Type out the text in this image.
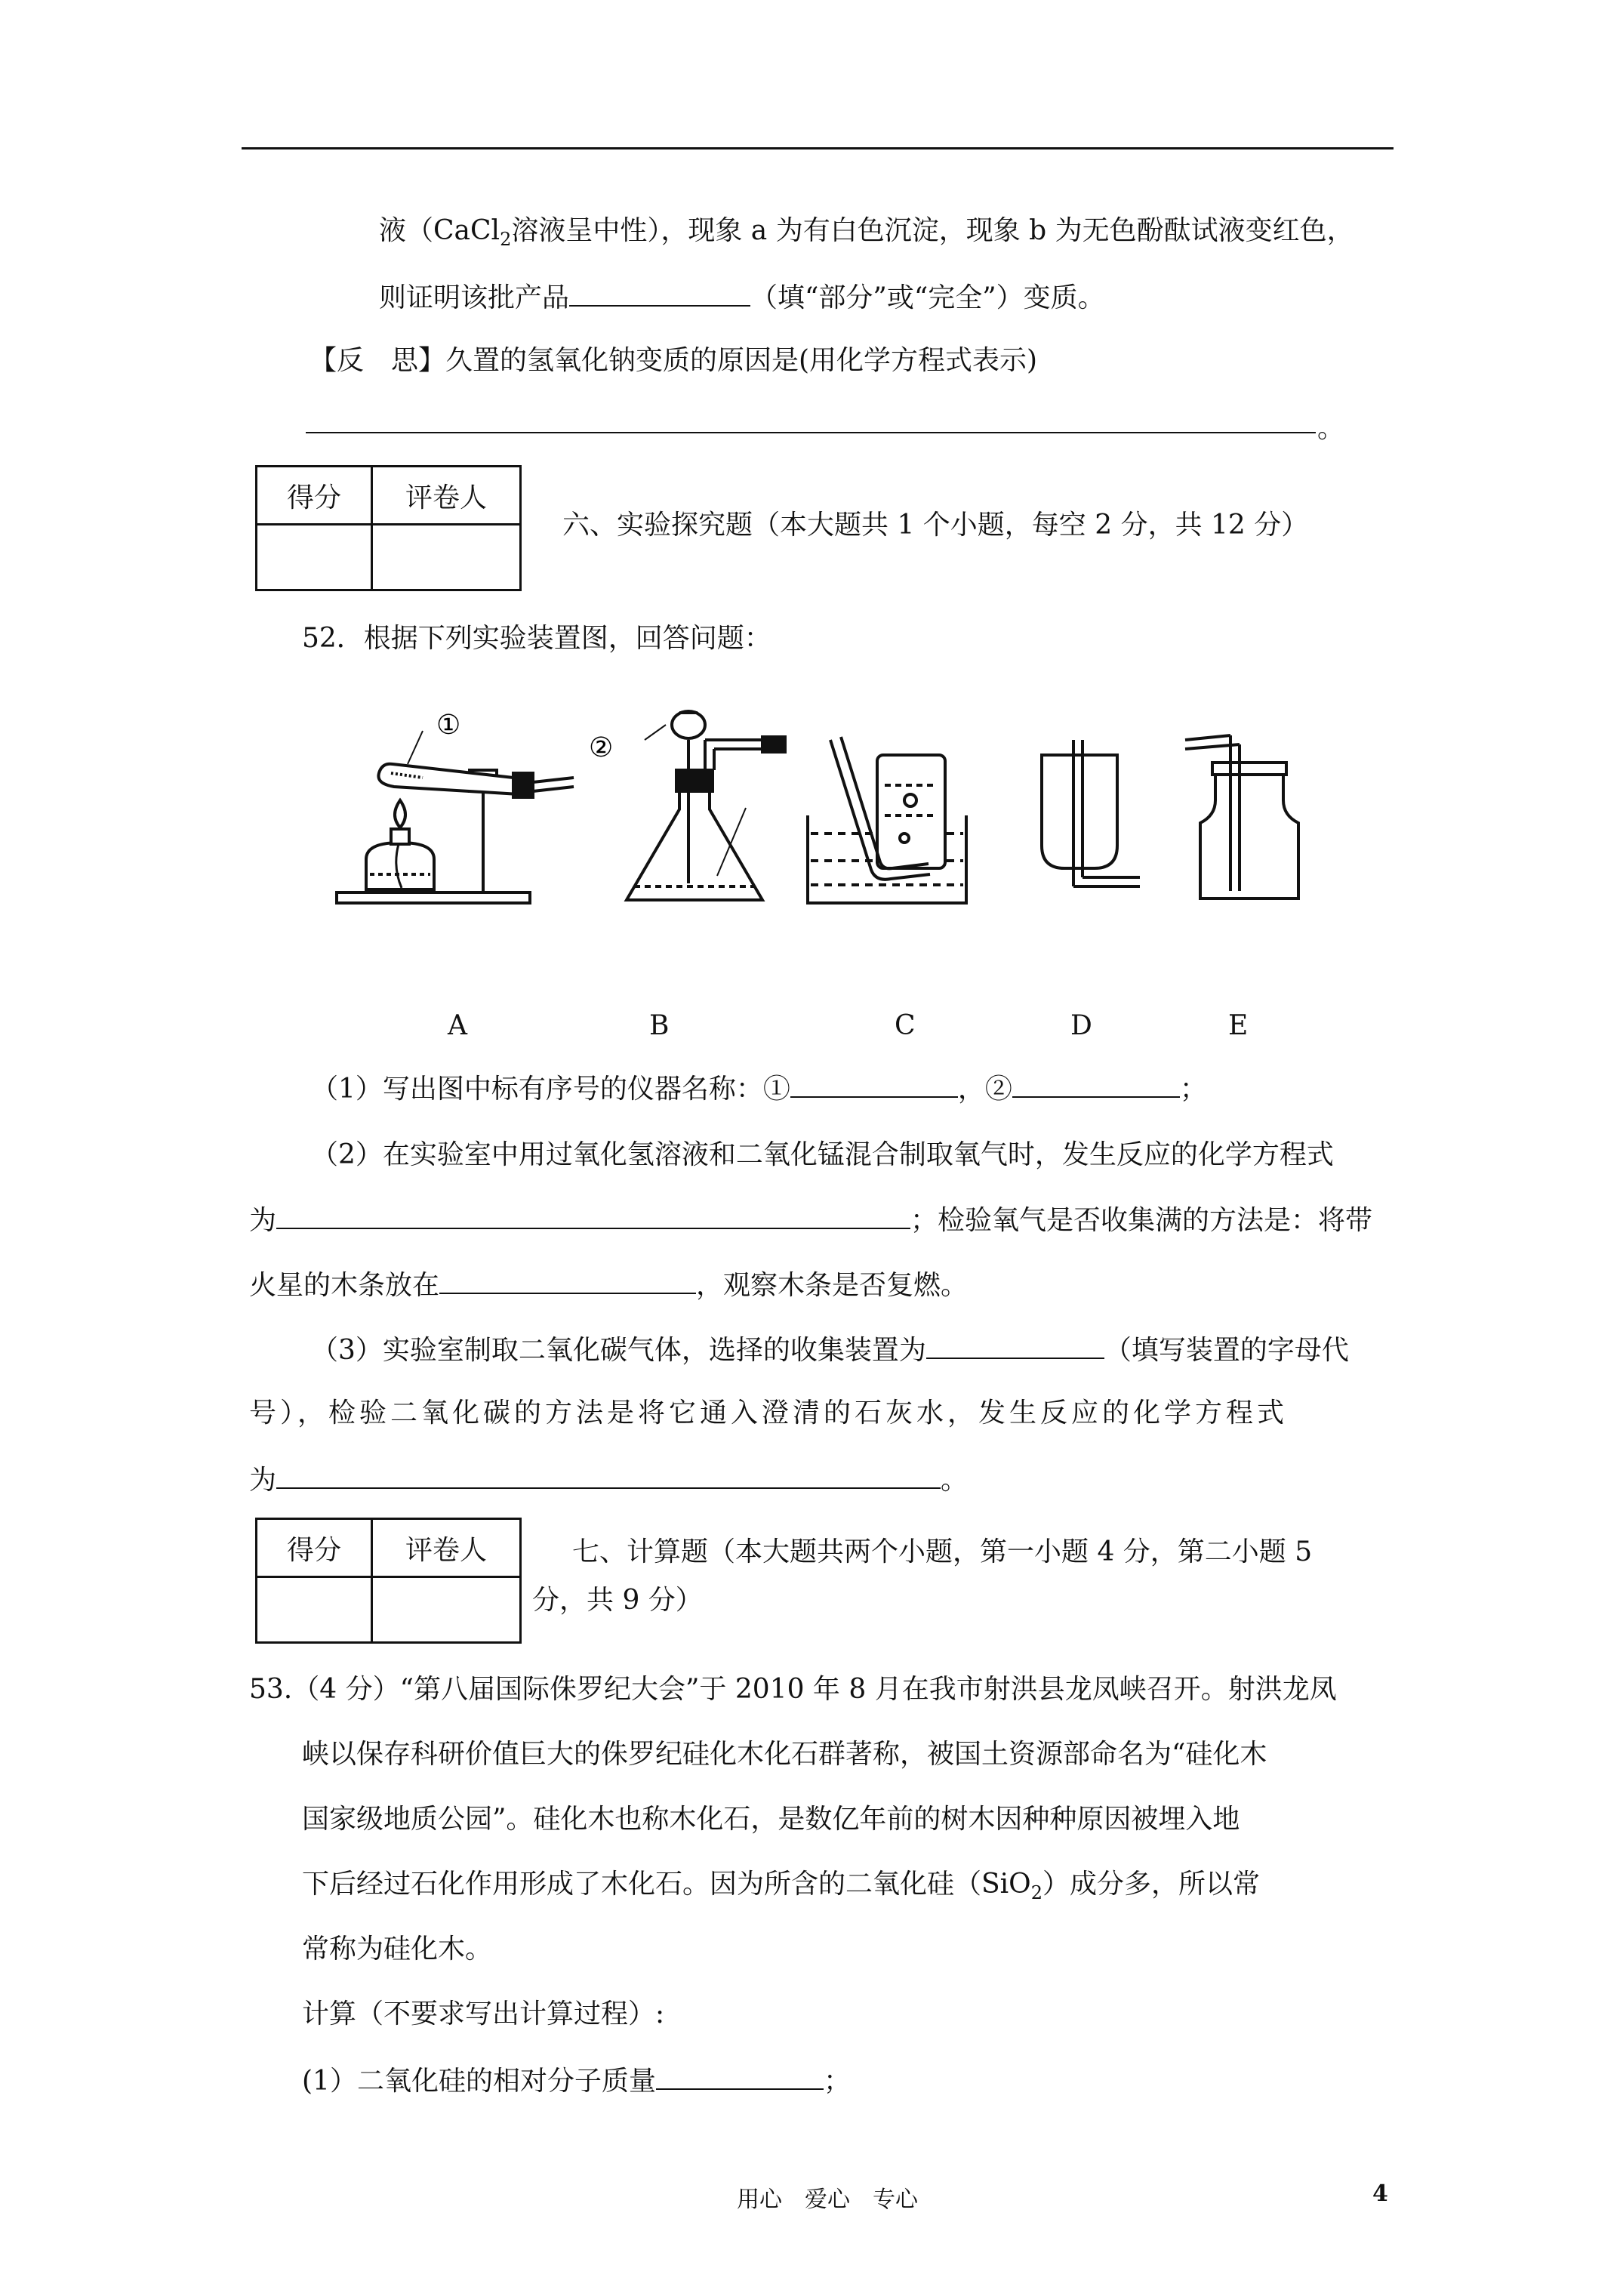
液（CaCl$_2$溶液呈中性），现象 a 为有白色沉淀，现象 b 为无色酚酞试液变红色，
则证明该批产品	（填“部分”或“完全”）变质。
【反　思】久置的氢氧化钠变质的原因是(用化学方程式表示)
。
得分	评卷人

六、实验探究题（本大题共 1 个小题，每空 2 分，共 12 分）
52．根据下列实验装置图，回答问题：
①
②
A	B	C	D	E
（1）写出图中标有序号的仪器名称：①	，②	；
（2）在实验室中用过氧化氢溶液和二氧化锰混合制取氧气时，发生反应的化学方程式
为	；检验氧气是否收集满的方法是：将带
火星的木条放在	，观察木条是否复燃。
（3）实验室制取二氧化碳气体，选择的收集装置为	（填写装置的字母代
号），检验二氧化碳的方法是将它通入澄清的石灰水，发生反应的化学方程式
为	。
得分	评卷人
		七、计算题（本大题共两个小题，第一小题 4 分，第二小题 5
分，共 9 分）
53.（4 分）“第八届国际侏罗纪大会”于 2010 年 8 月在我市射洪县龙凤峡召开。射洪龙凤
峡以保存科研价值巨大的侏罗纪硅化木化石群著称，被国土资源部命名为“硅化木
国家级地质公园”。硅化木也称木化石，是数亿年前的树木因种种原因被埋入地
下后经过石化作用形成了木化石。因为所含的二氧化硅（SiO$_2$）成分多，所以常
常称为硅化木。
计算（不要求写出计算过程）:
(1）二氧化硅的相对分子质量	；
用心　爱心　专心	4
